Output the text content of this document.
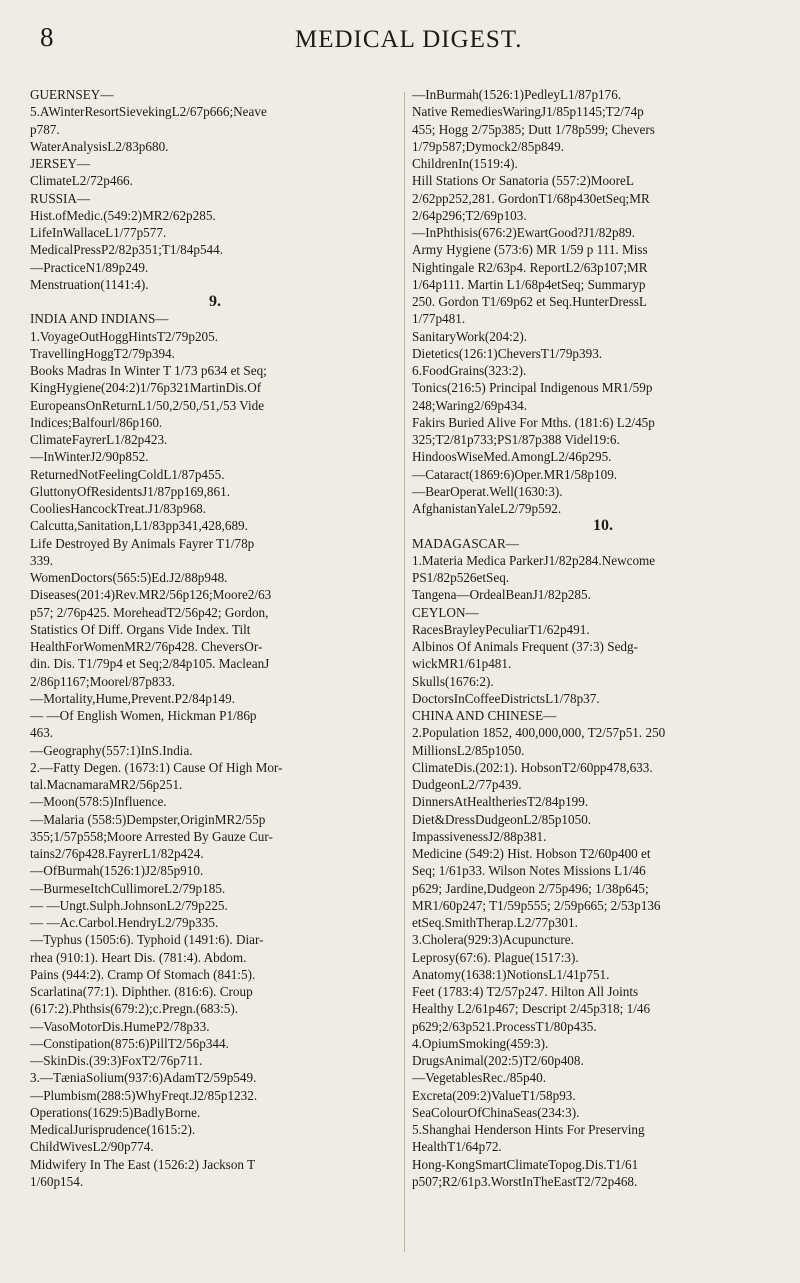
8	MEDICAL DIGEST.
GUERNSEY—
5.AWinterResortSievekingL2/67p666;Neave
p787.
WaterAnalysisL2/83p680.
JERSEY—
ClimateL2/72p466.
RUSSIA—
Hist.ofMedic.(549:2)MR2/62p285.
LifeInWallaceL1/77p577.
MedicalPressP2/82p351;T1/84p544.
—PracticeN1/89p249.
Menstruation(1141:4).
9.
INDIA AND INDIANS—
1.VoyageOutHoggHintsT2/79p205.
TravellingHoggT2/79p394.
Books Madras In Winter T 1/73 p634 et Seq;
KingHygiene(204:2)1/76p321MartinDis.Of
EuropeansOnReturnL1/50,2/50,/51,/53 Vide
Indices;Balfourl/86p160.
ClimateFayrerL1/82p423.
—InWinterJ2/90p852.
ReturnedNotFeelingColdL1/87p455.
GluttonyOfResidentsJ1/87pp169,861.
CooliesHancockTreat.J1/83p968.
Calcutta,Sanitation,L1/83pp341,428,689.
Life Destroyed By Animals Fayrer T1/78p
339.
WomenDoctors(565:5)Ed.J2/88p948.
Diseases(201:4)Rev.MR2/56p126;Moore2/63
p57; 2/76p425. MoreheadT2/56p42; Gordon,
Statistics Of Diff. Organs Vide Index. Tilt
HealthForWomenMR2/76p428. CheversOr-
din. Dis. T1/79p4 et Seq;2/84p105. MacleanJ
2/86p1167;Moorel/87p833.
—Mortality,Hume,Prevent.P2/84p149.
— —Of English Women, Hickman P1/86p
463.
—Geography(557:1)InS.India.
2.—Fatty Degen. (1673:1) Cause Of High Mor-
tal.MacnamaraMR2/56p251.
—Moon(578:5)Influence.
—Malaria (558:5)Dempster,OriginMR2/55p
355;1/57p558;Moore Arrested By Gauze Cur-
tains2/76p428.FayrerL1/82p424.
—OfBurmah(1526:1)J2/85p910.
—BurmeseItchCullimoreL2/79p185.
— —Ungt.Sulph.JohnsonL2/79p225.
— —Ac.Carbol.HendryL2/79p335.
—Typhus (1505:6). Typhoid (1491:6). Diar-
rhea (910:1). Heart Dis. (781:4). Abdom.
Pains (944:2). Cramp Of Stomach (841:5).
Scarlatina(77:1). Diphther. (816:6). Croup
(617:2).Phthsis(679:2);c.Pregn.(683:5).
—VasoMotorDis.HumeP2/78p33.
—Constipation(875:6)PillT2/56p344.
—SkinDis.(39:3)FoxT2/76p711.
3.—TæniaSolium(937:6)AdamT2/59p549.
—Plumbism(288:5)WhyFreqt.J2/85p1232.
Operations(1629:5)BadlyBorne.
MedicalJurisprudence(1615:2).
ChildWivesL2/90p774.
Midwifery In The East (1526:2) Jackson T
1/60p154.
—InBurmah(1526:1)PedleyL1/87p176.
Native RemediesWaringJ1/85p1145;T2/74p
455; Hogg 2/75p385; Dutt 1/78p599; Chevers
1/79p587;Dymock2/85p849.
ChildrenIn(1519:4).
Hill Stations Or Sanatoria (557:2)MooreL
2/62pp252,281. GordonT1/68p430etSeq;MR
2/64p296;T2/69p103.
—InPhthisis(676:2)EwartGood?J1/82p89.
Army Hygiene (573:6) MR 1/59 p 111. Miss
Nightingale R2/63p4. ReportL2/63p107;MR
1/64p111. Martin L1/68p4etSeq; Summaryp
250. Gordon T1/69p62 et Seq.HunterDressL
1/77p481.
SanitaryWork(204:2).
Dietetics(126:1)CheversT1/79p393.
6.FoodGrains(323:2).
Tonics(216:5) Principal Indigenous MR1/59p
248;Waring2/69p434.
Fakirs Buried Alive For Mths. (181:6) L2/45p
325;T2/81p733;PS1/87p388 Videl19:6.
HindoosWiseMed.AmongL2/46p295.
—Cataract(1869:6)Oper.MR1/58p109.
—BearOperat.Well(1630:3).
AfghanistanYaleL2/79p592.
10.
MADAGASCAR—
1.Materia Medica ParkerJ1/82p284.Newcome
PS1/82p526etSeq.
Tangena—OrdealBeanJ1/82p285.
CEYLON—
RacesBrayleyPeculiarT1/62p491.
Albinos Of Animals Frequent (37:3) Sedg-
wickMR1/61p481.
Skulls(1676:2).
DoctorsInCoffeeDistrictsL1/78p37.
CHINA AND CHINESE—
2.Population 1852, 400,000,000, T2/57p51. 250
MillionsL2/85p1050.
ClimateDis.(202:1). HobsonT2/60pp478,633.
DudgeonL2/77p439.
DinnersAtHealtheriesT2/84p199.
Diet&DressDudgeonL2/85p1050.
ImpassivenessJ2/88p381.
Medicine (549:2) Hist. Hobson T2/60p400 et
Seq; 1/61p33. Wilson Notes Missions L1/46
p629; Jardine,Dudgeon 2/75p496; 1/38p645;
MR1/60p247; T1/59p555; 2/59p665; 2/53p136
etSeq.SmithTherap.L2/77p301.
3.Cholera(929:3)Acupuncture.
Leprosy(67:6). Plague(1517:3).
Anatomy(1638:1)NotionsL1/41p751.
Feet (1783:4) T2/57p247. Hilton All Joints
Healthy L2/61p467; Descript 2/45p318; 1/46
p629;2/63p521.ProcessT1/80p435.
4.OpiumSmoking(459:3).
DrugsAnimal(202:5)T2/60p408.
—VegetablesRec./85p40.
Excreta(209:2)ValueT1/58p93.
SeaColourOfChinaSeas(234:3).
5.Shanghai Henderson Hints For Preserving
HealthT1/64p72.
Hong-KongSmartClimateTopog.Dis.T1/61
p507;R2/61p3.WorstInTheEastT2/72p468.
